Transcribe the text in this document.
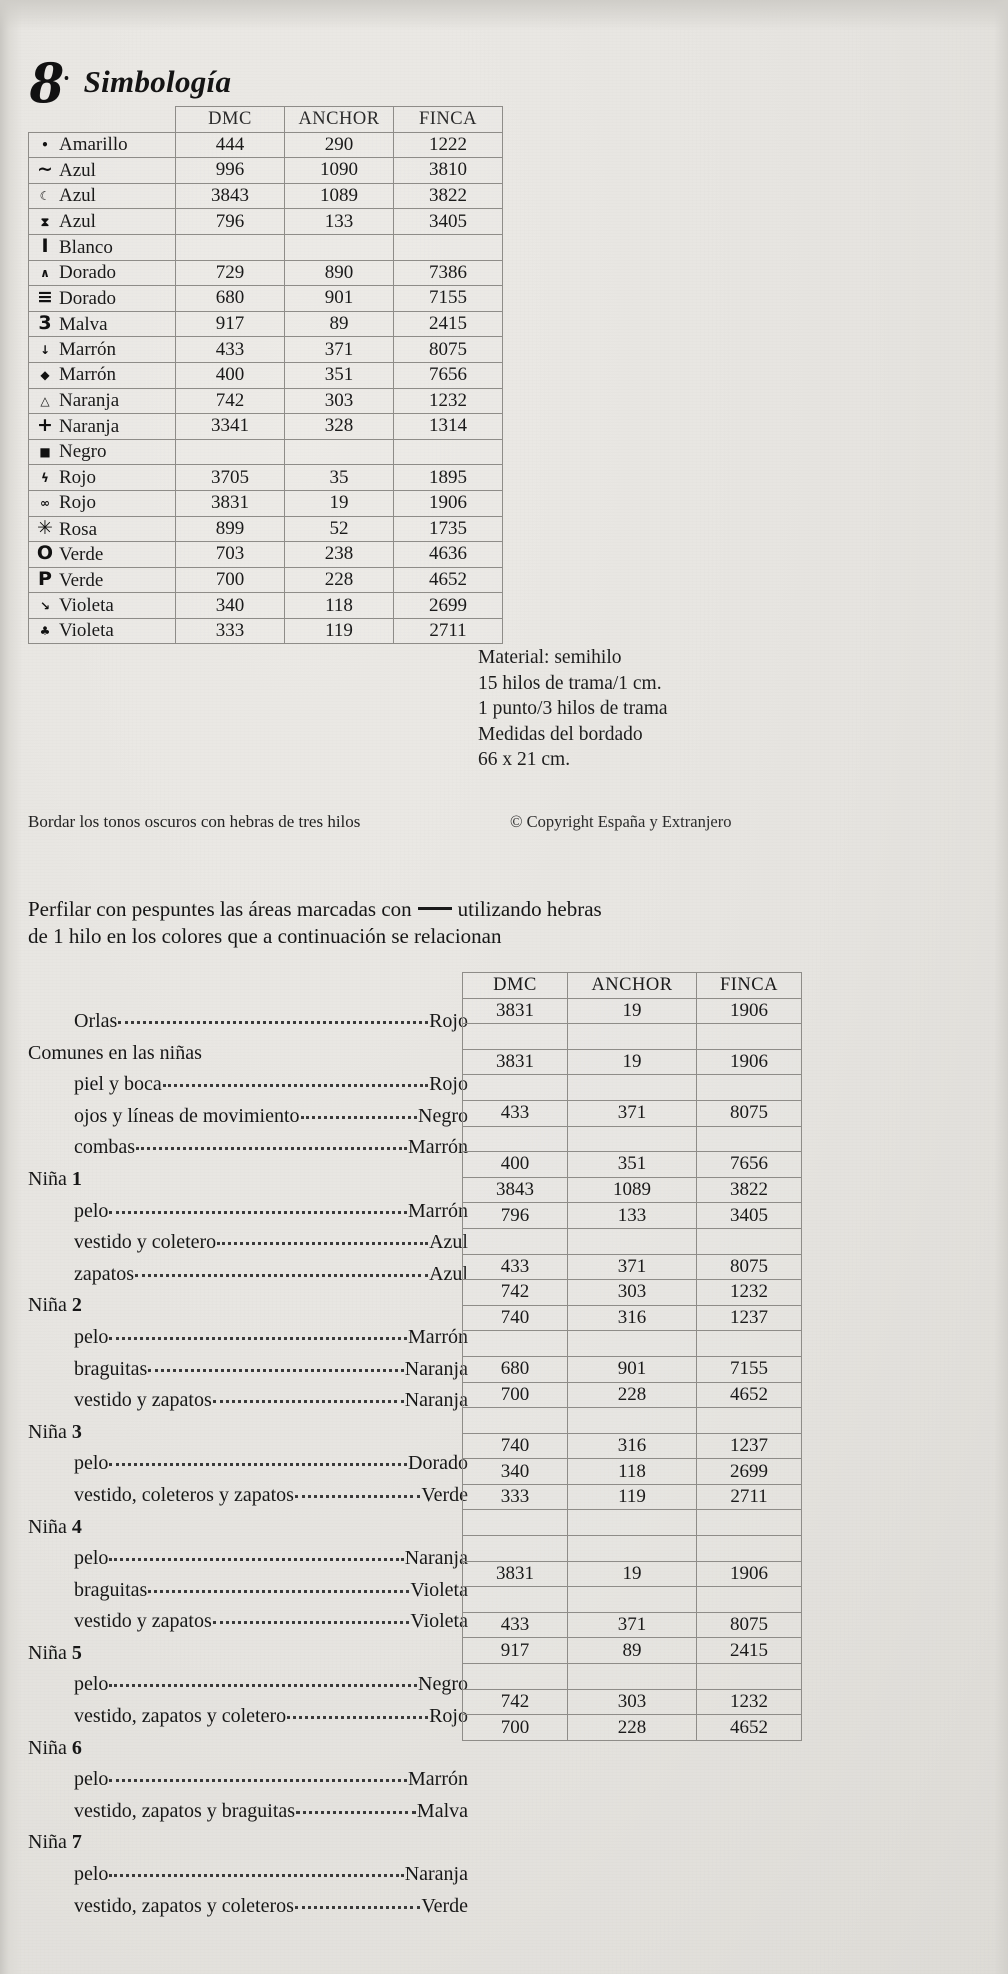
8 Simbología
	DMC	ANCHOR	FINCA
• Amarillo	444	290	1222
~ Azul	996	1090	3810
☾ Azul	3843	1089	3822
⧗ Azul	796	133	3405
I Blanco			
∧ Dorado	729	890	7386
≡ Dorado	680	901	7155
3 Malva	917	89	2415
↓ Marrón	433	371	8075
◆ Marrón	400	351	7656
△ Naranja	742	303	1232
+ Naranja	3341	328	1314
■ Negro			
ϟ Rojo	3705	35	1895
∞ Rojo	3831	19	1906
✳ Rosa	899	52	1735
O Verde	703	238	4636
P Verde	700	228	4652
↘ Violeta	340	118	2699
♣ Violeta	333	119	2711
Material: semihilo
15 hilos de trama/1 cm.
1 punto/3 hilos de trama
Medidas del bordado
66 x 21 cm.
Bordar los tonos oscuros con hebras de tres hilos	© Copyright España y Extranjero
Perfilar con pespuntes las áreas marcadas con utilizando hebras
de 1 hilo en los colores que a continuación se relacionan
Orlas	Rojo
Comunes en las niñas
piel y boca	Rojo
ojos y líneas de movimiento	Negro
combas	Marrón
Niña 1
pelo	Marrón
vestido y coletero	Azul
zapatos	Azul
Niña 2
pelo	Marrón
braguitas	Naranja
vestido y zapatos	Naranja
Niña 3
pelo	Dorado
vestido, coleteros y zapatos	Verde
Niña 4
pelo	Naranja
braguitas	Violeta
vestido y zapatos	Violeta
Niña 5
pelo	Negro
vestido, zapatos y coletero	Rojo
Niña 6
pelo	Marrón
vestido, zapatos y braguitas	Malva
Niña 7
pelo	Naranja
vestido, zapatos y coleteros	Verde
DMC	ANCHOR	FINCA
3831	19	1906

3831	19	1906

433	371	8075

400	351	7656
3843	1089	3822
796	133	3405

433	371	8075
742	303	1232
740	316	1237

680	901	7155
700	228	4652

740	316	1237
340	118	2699
333	119	2711

3831	19	1906

433	371	8075
917	89	2415

742	303	1232
700	228	4652
